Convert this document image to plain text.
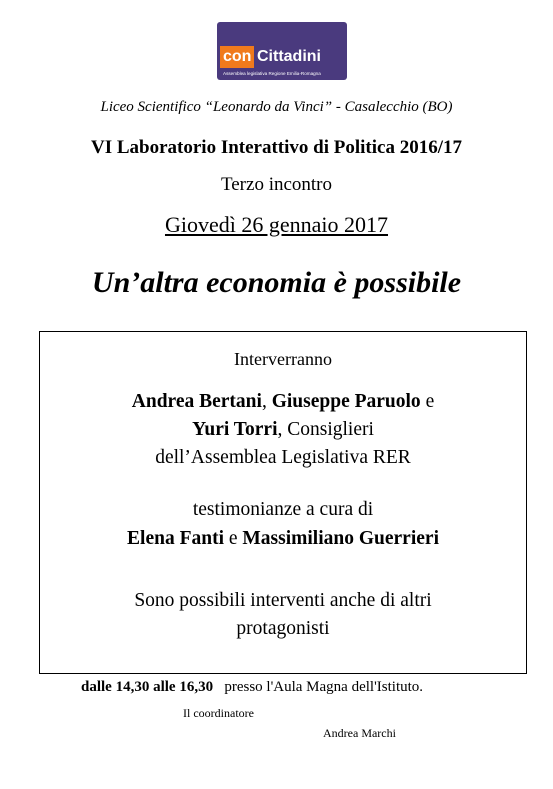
con Cittadini
Assemblea legislativa Regione Emilia-Romagna
Liceo Scientifico “Leonardo da Vinci” - Casalecchio (BO)
VI Laboratorio Interattivo di Politica 2016/17
Terzo incontro
Giovedì 26 gennaio 2017
Un’altra economia è possibile
Interverranno
Andrea Bertani, Giuseppe Paruolo e
Yuri Torri, Consiglieri
dell’Assemblea Legislativa RER
testimonianze a cura di
Elena Fanti e Massimiliano Guerrieri
Sono possibili interventi anche di altri
protagonisti
dalle 14,30 alle 16,30   presso l'Aula Magna dell'Istituto.
Il coordinatore
Andrea Marchi
